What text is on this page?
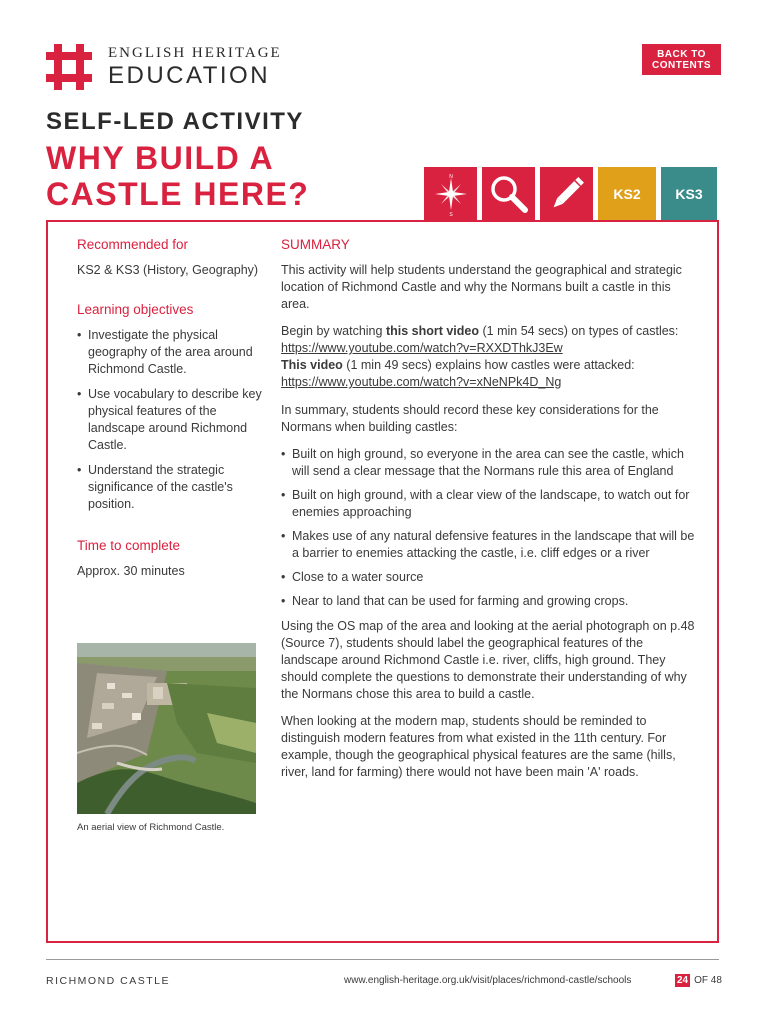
ENGLISH HERITAGE
EDUCATION
BACK TO
CONTENTS
SELF-LED ACTIVITY
WHY BUILD A CASTLE HERE?	N
S
KS2	KS3
Recommended for

KS2 & KS3 (History, Geography)

Learning objectives
• Investigate the physical geography of the area around Richmond Castle.
• Use vocabulary to describe key physical features of the landscape around Richmond Castle.
• Understand the strategic significance of the castle's position.
Time to complete

Approx. 30 minutes

An aerial view of Richmond Castle.
SUMMARY

This activity will help students understand the geographical and strategic location of Richmond Castle and why the Normans built a castle in this area.

Begin by watching this short video (1 min 54 secs) on types of castles:
https://www.youtube.com/watch?v=RXXDThkJ3Ew
This video (1 min 49 secs) explains how castles were attacked:
https://www.youtube.com/watch?v=xNeNPk4D_Ng

In summary, students should record these key considerations for the Normans when building castles:

• Built on high ground, so everyone in the area can see the castle, which will send a clear message that the Normans rule this area of England
• Built on high ground, with a clear view of the landscape, to watch out for enemies approaching
• Makes use of any natural defensive features in the landscape that will be a barrier to enemies attacking the castle, i.e. cliff edges or a river
• Close to a water source
• Near to land that can be used for farming and growing crops.

Using the OS map of the area and looking at the aerial photograph on p.48 (Source 7), students should label the geographical features of the landscape around Richmond Castle i.e. river, cliffs, high ground. They should complete the questions to demonstrate their understanding of why the Normans chose this area to build a castle.

When looking at the modern map, students should be reminded to distinguish modern features from what existed in the 11th century. For example, though the geographical physical features are the same (hills, river, land for farming) there would not have been main 'A' roads.

RICHMOND CASTLE	www.english-heritage.org.uk/visit/places/richmond-castle/schools	24 OF 48
